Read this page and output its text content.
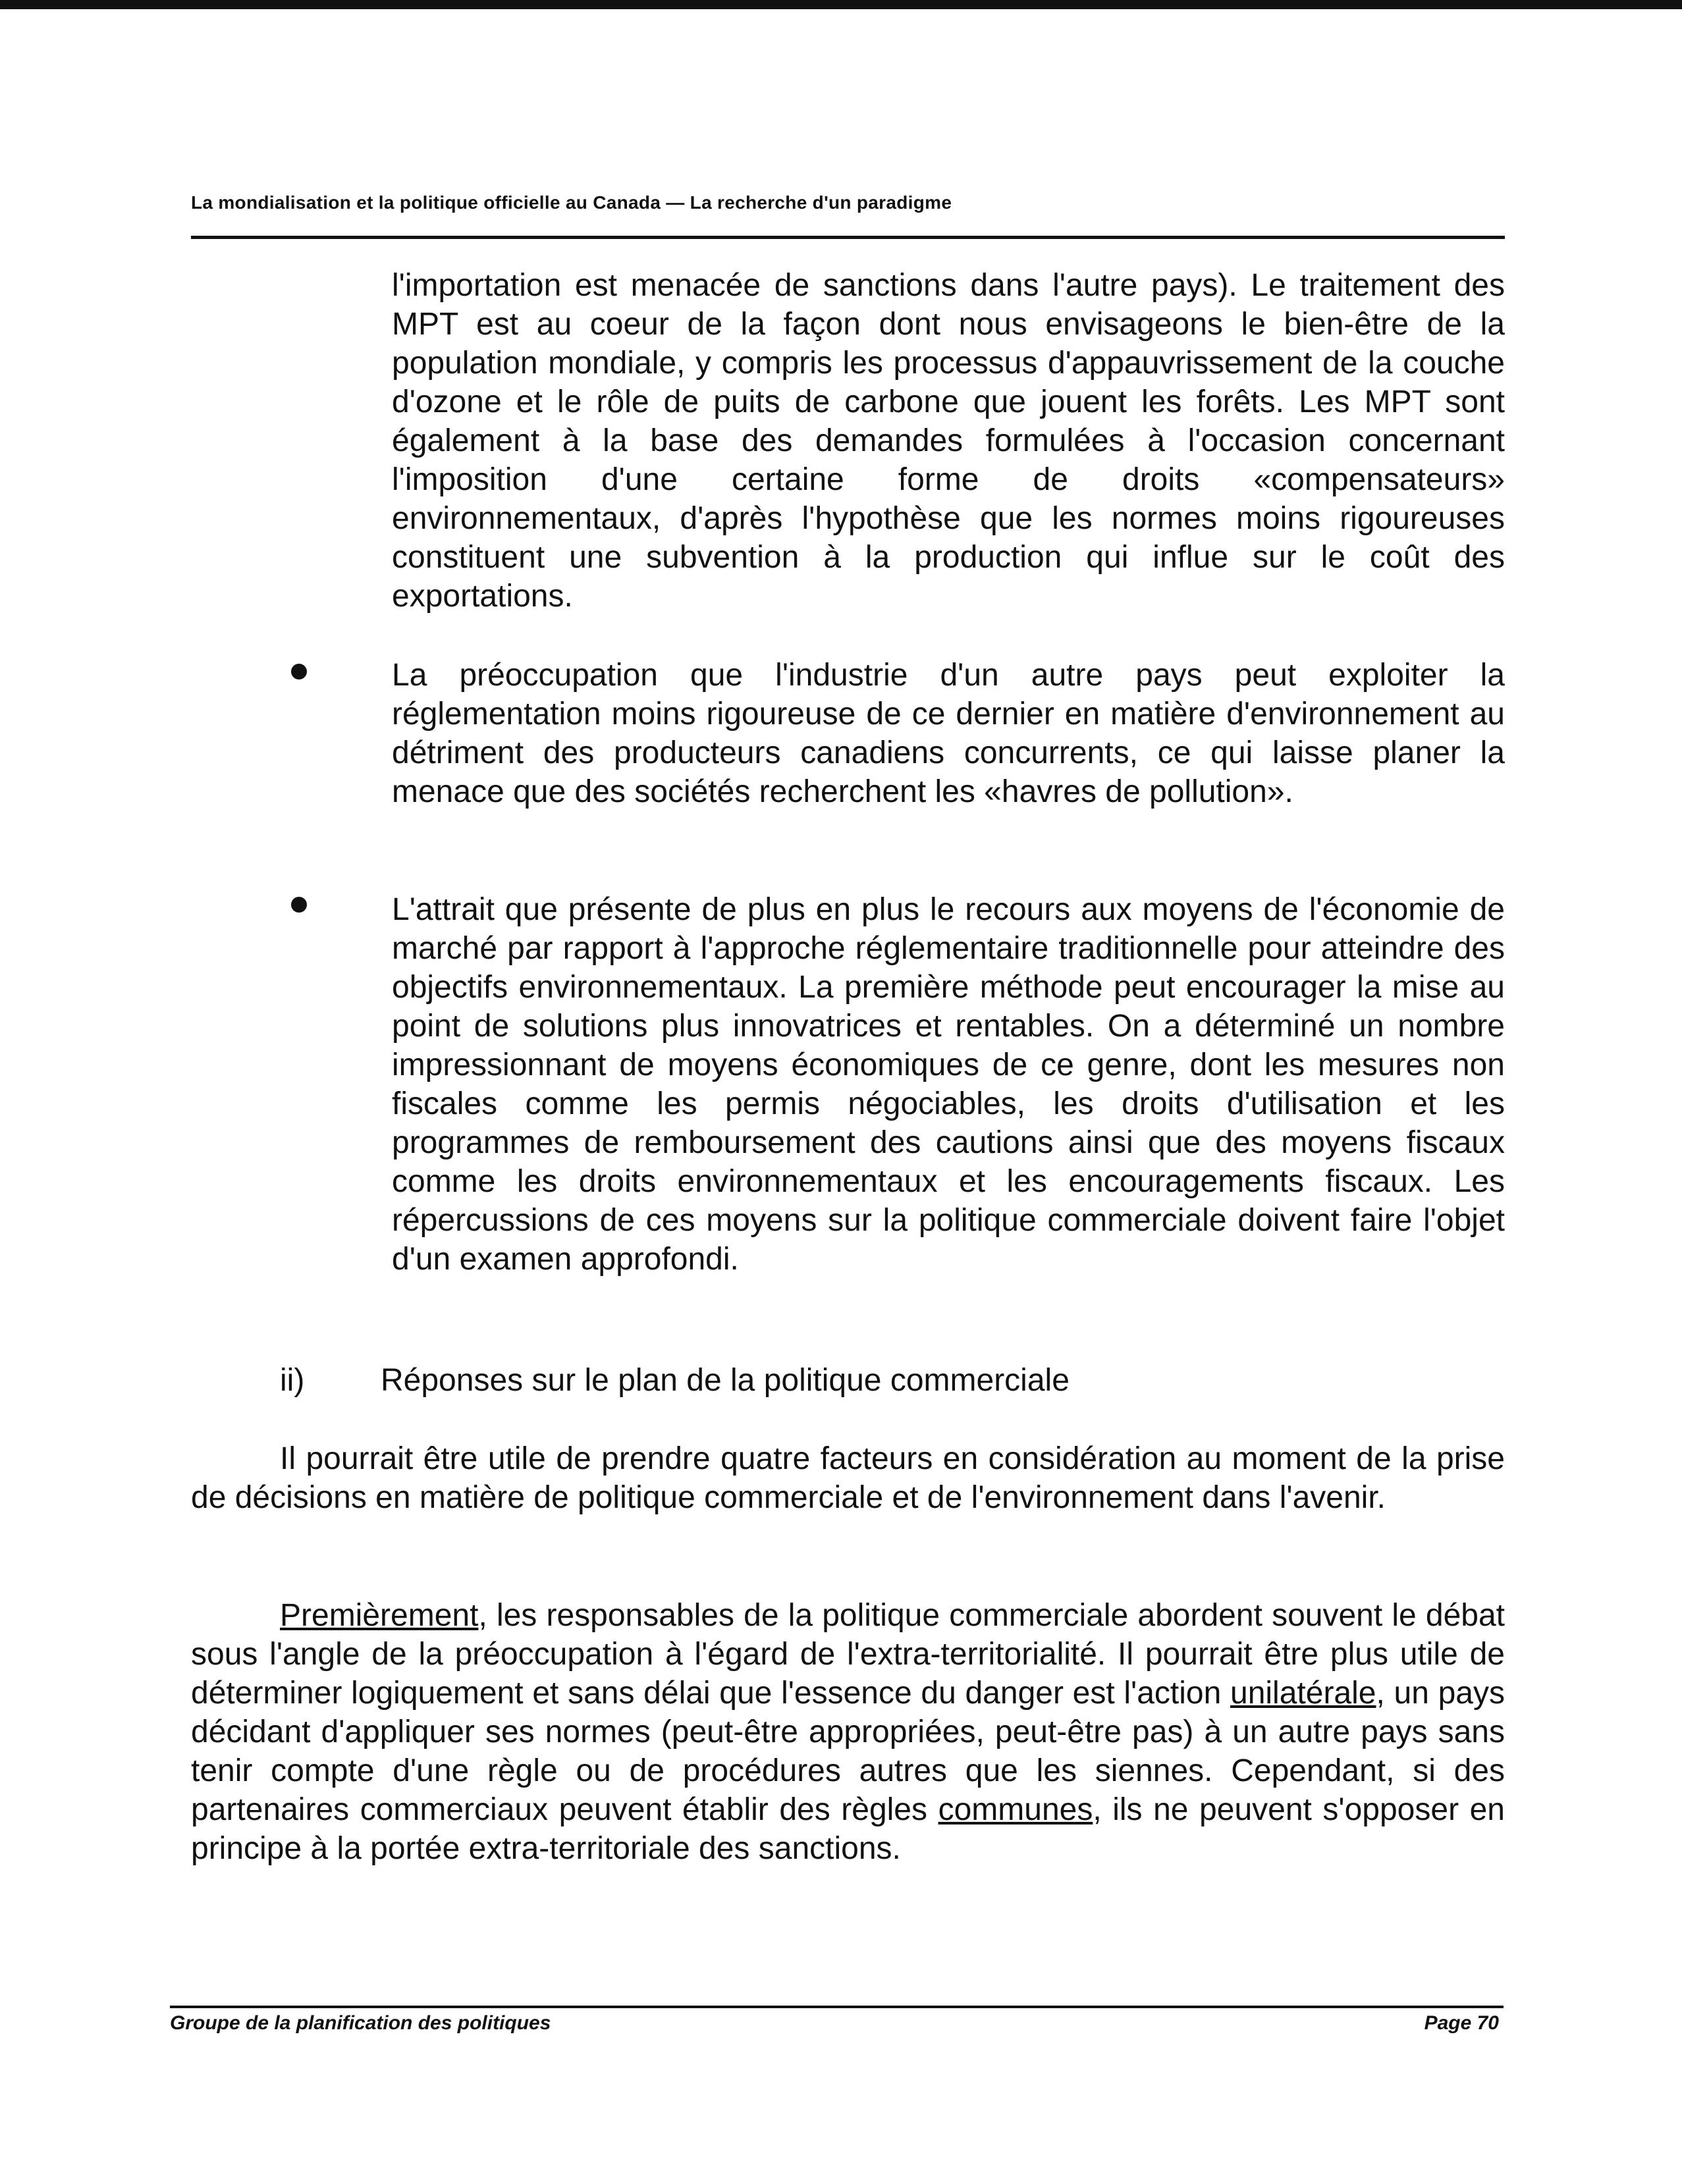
La mondialisation et la politique officielle au Canada — La recherche d'un paradigme

l'importation est menacée de sanctions dans l'autre pays). Le traitement des MPT est au coeur de la façon dont nous envisageons le bien-être de la population mondiale, y compris les processus d'appauvrissement de la couche d'ozone et le rôle de puits de carbone que jouent les forêts. Les MPT sont également à la base des demandes formulées à l'occasion concernant l'imposition d'une certaine forme de droits «compensateurs» environnementaux, d'après l'hypothèse que les normes moins rigoureuses constituent une subvention à la production qui influe sur le coût des exportations.

La préoccupation que l'industrie d'un autre pays peut exploiter la réglementation moins rigoureuse de ce dernier en matière d'environnement au détriment des producteurs canadiens concurrents, ce qui laisse planer la menace que des sociétés recherchent les «havres de pollution».

L'attrait que présente de plus en plus le recours aux moyens de l'économie de marché par rapport à l'approche réglementaire traditionnelle pour atteindre des objectifs environnementaux. La première méthode peut encourager la mise au point de solutions plus innovatrices et rentables. On a déterminé un nombre impressionnant de moyens économiques de ce genre, dont les mesures non fiscales comme les permis négociables, les droits d'utilisation et les programmes de remboursement des cautions ainsi que des moyens fiscaux comme les droits environnementaux et les encouragements fiscaux. Les répercussions de ces moyens sur la politique commerciale doivent faire l'objet d'un examen approfondi.

ii) Réponses sur le plan de la politique commerciale

Il pourrait être utile de prendre quatre facteurs en considération au moment de la prise de décisions en matière de politique commerciale et de l'environnement dans l'avenir.

Premièrement, les responsables de la politique commerciale abordent souvent le débat sous l'angle de la préoccupation à l'égard de l'extra-territorialité. Il pourrait être plus utile de déterminer logiquement et sans délai que l'essence du danger est l'action unilatérale, un pays décidant d'appliquer ses normes (peut-être appropriées, peut-être pas) à un autre pays sans tenir compte d'une règle ou de procédures autres que les siennes. Cependant, si des partenaires commerciaux peuvent établir des règles communes, ils ne peuvent s'opposer en principe à la portée extra-territoriale des sanctions.

Groupe de la planification des politiques	Page 70
